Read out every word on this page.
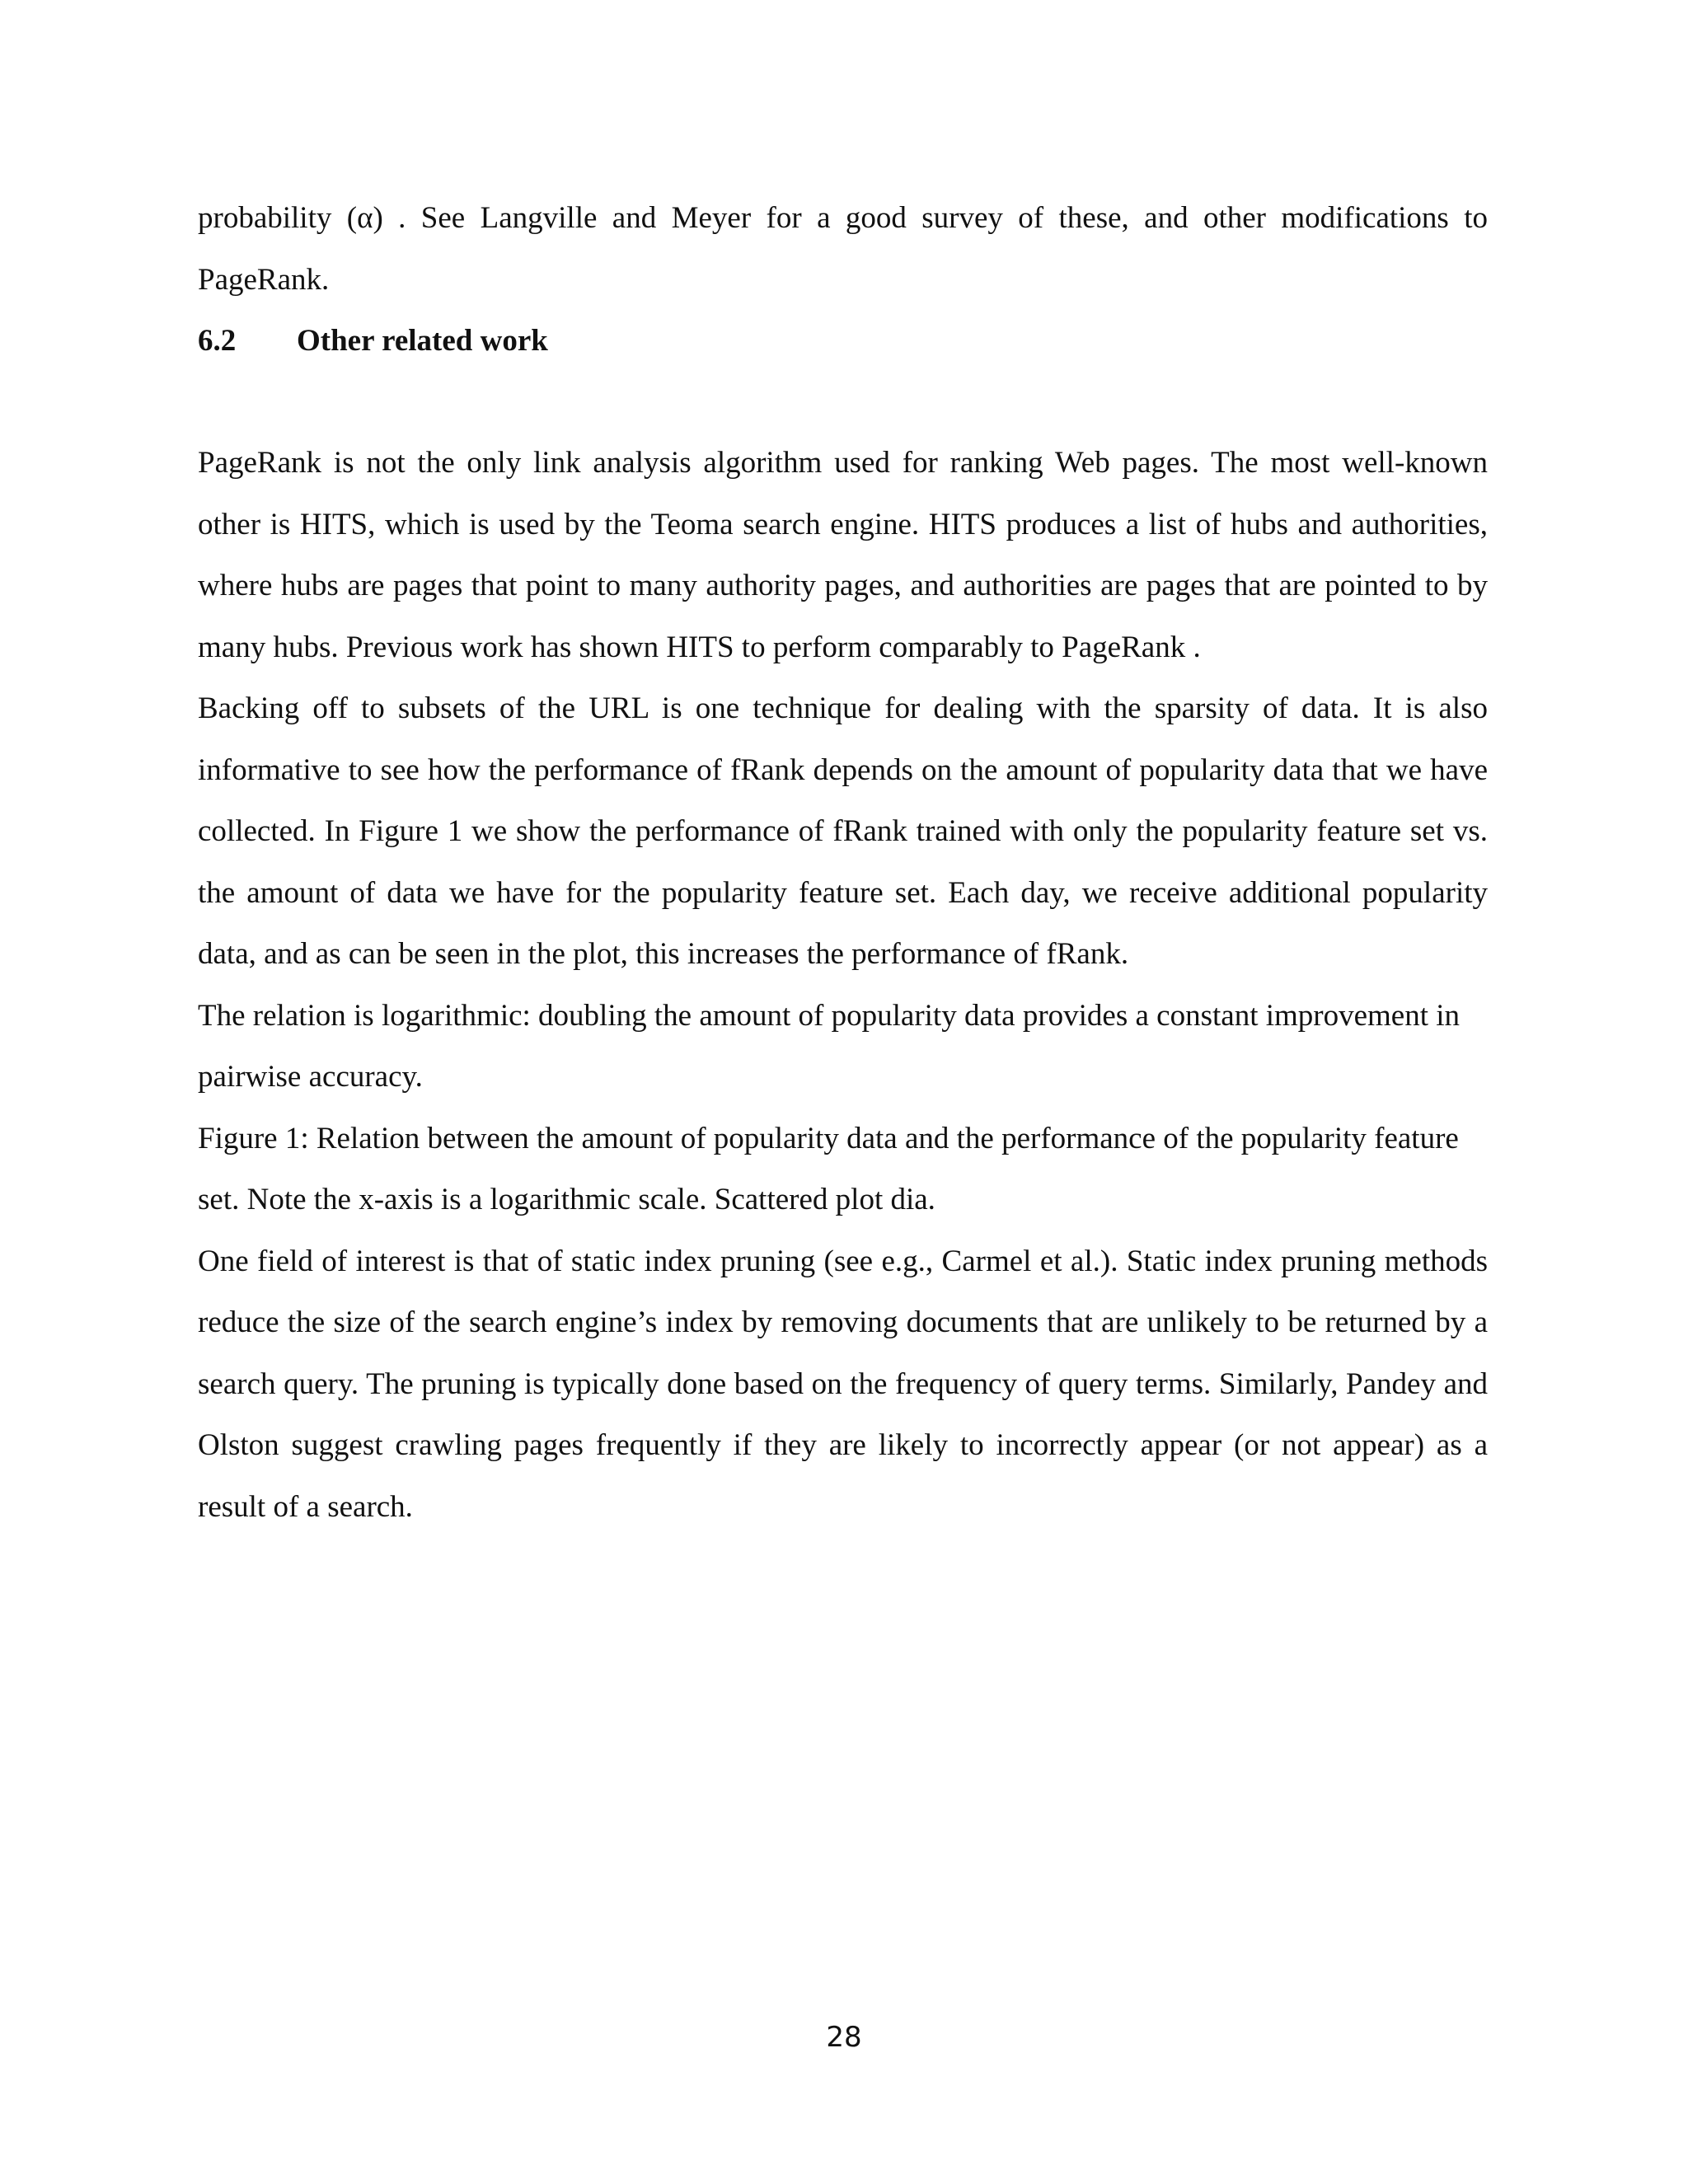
probability (α) . See Langville and Meyer for a good survey of these, and other modifications to PageRank.

6.2	Other related work

PageRank is not the only link analysis algorithm used for ranking Web pages. The most well-known other is HITS, which is used by the Teoma search engine. HITS produces a list of hubs and authorities, where hubs are pages that point to many authority pages, and authorities are pages that are pointed to by many hubs. Previous work has shown HITS to perform comparably to PageRank .

Backing off to subsets of the URL is one technique for dealing with the sparsity of data. It is also informative to see how the performance of fRank depends on the amount of popularity data that we have collected. In Figure 1 we show the performance of fRank trained with only the popularity feature set vs. the amount of data we have for the popularity feature set. Each day, we receive additional popularity data, and as can be seen in the plot, this increases the performance of fRank.

The relation is logarithmic: doubling the amount of popularity data provides a constant improvement in pairwise accuracy.

Figure 1: Relation between the amount of popularity data and the performance of the popularity feature set. Note the x-axis is a logarithmic scale. Scattered plot dia.

One field of interest is that of static index pruning (see e.g., Carmel et al.). Static index pruning methods reduce the size of the search engine’s index by removing documents that are unlikely to be returned by a search query. The pruning is typically done based on the frequency of query terms. Similarly, Pandey and Olston suggest crawling pages frequently if they are likely to incorrectly appear (or not appear) as a result of a search.

28
